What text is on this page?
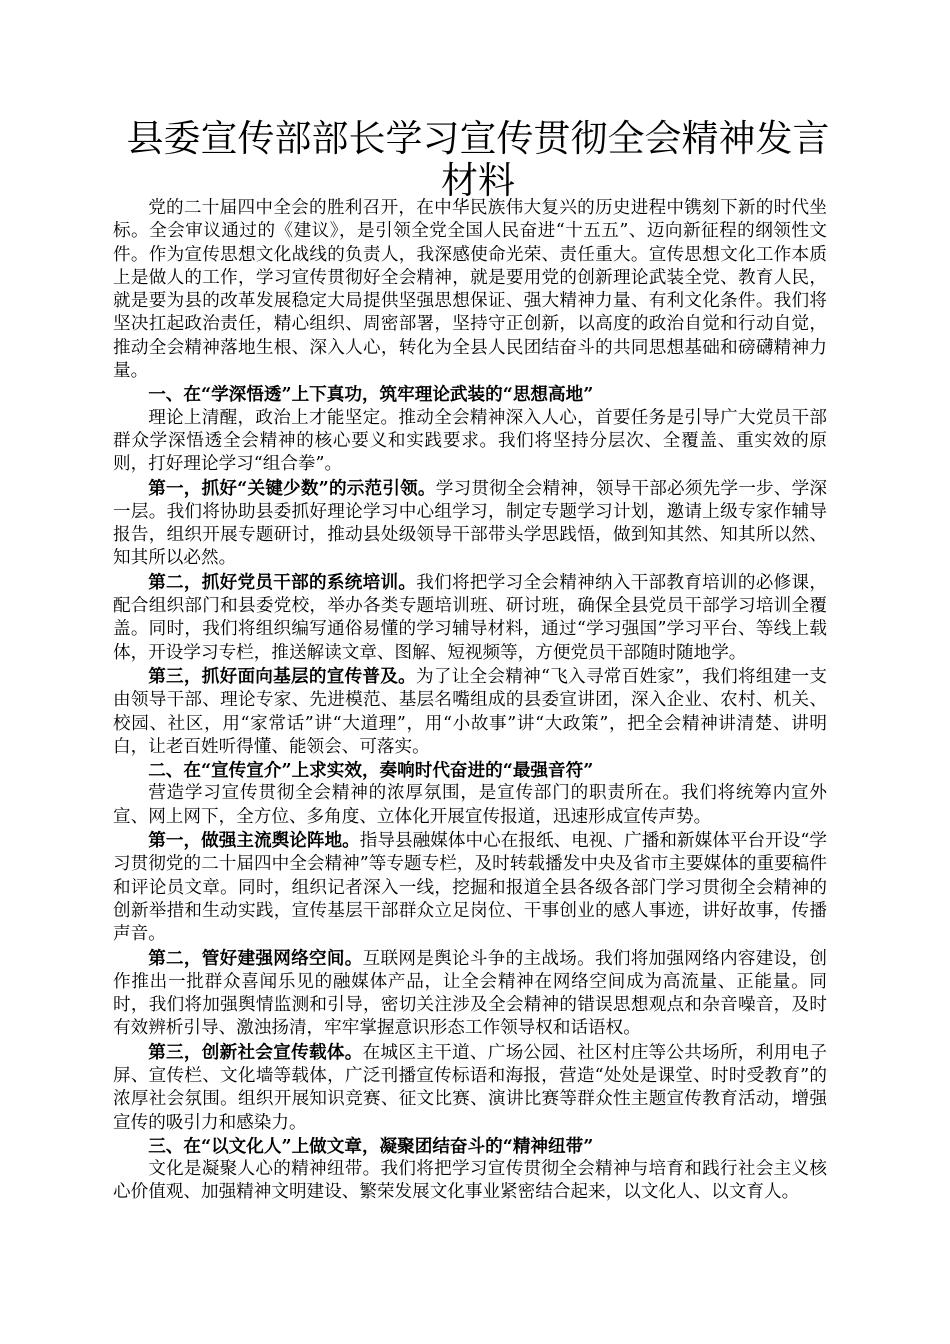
县委宣传部部长学习宣传贯彻全会精神发言材料

党的二十届四中全会的胜利召开，在中华民族伟大复兴的历史进程中镌刻下新的时代坐标。全会审议通过的《建议》，是引领全党全国人民奋进“十五五”、迈向新征程的纲领性文件。作为宣传思想文化战线的负责人，我深感使命光荣、责任重大。宣传思想文化工作本质上是做人的工作，学习宣传贯彻好全会精神，就是要用党的创新理论武装全党、教育人民，就是要为县的改革发展稳定大局提供坚强思想保证、强大精神力量、有利文化条件。我们将坚决扛起政治责任，精心组织、周密部署，坚持守正创新，以高度的政治自觉和行动自觉，推动全会精神落地生根、深入人心，转化为全县人民团结奋斗的共同思想基础和磅礴精神力量。

一、在“学深悟透”上下真功，筑牢理论武装的“思想高地”

理论上清醒，政治上才能坚定。推动全会精神深入人心，首要任务是引导广大党员干部群众学深悟透全会精神的核心要义和实践要求。我们将坚持分层次、全覆盖、重实效的原则，打好理论学习“组合拳”。

第一，抓好“关键少数”的示范引领。学习贯彻全会精神，领导干部必须先学一步、学深一层。我们将协助县委抓好理论学习中心组学习，制定专题学习计划，邀请上级专家作辅导报告，组织开展专题研讨，推动县处级领导干部带头学思践悟，做到知其然、知其所以然、知其所以必然。

第二，抓好党员干部的系统培训。我们将把学习全会精神纳入干部教育培训的必修课，配合组织部门和县委党校，举办各类专题培训班、研讨班，确保全县党员干部学习培训全覆盖。同时，我们将组织编写通俗易懂的学习辅导材料，通过“学习强国”学习平台、等线上载体，开设学习专栏，推送解读文章、图解、短视频等，方便党员干部随时随地学。

第三，抓好面向基层的宣传普及。为了让全会精神“飞入寻常百姓家”，我们将组建一支由领导干部、理论专家、先进模范、基层名嘴组成的县委宣讲团，深入企业、农村、机关、校园、社区，用“家常话”讲“大道理”，用“小故事”讲“大政策”，把全会精神讲清楚、讲明白，让老百姓听得懂、能领会、可落实。

二、在“宣传宣介”上求实效，奏响时代奋进的“最强音符”

营造学习宣传贯彻全会精神的浓厚氛围，是宣传部门的职责所在。我们将统筹内宣外宣、网上网下，全方位、多角度、立体化开展宣传报道，迅速形成宣传声势。

第一，做强主流舆论阵地。指导县融媒体中心在报纸、电视、广播和新媒体平台开设“学习贯彻党的二十届四中全会精神”等专题专栏，及时转载播发中央及省市主要媒体的重要稿件和评论员文章。同时，组织记者深入一线，挖掘和报道全县各级各部门学习贯彻全会精神的创新举措和生动实践，宣传基层干部群众立足岗位、干事创业的感人事迹，讲好故事，传播声音。

第二，管好建强网络空间。互联网是舆论斗争的主战场。我们将加强网络内容建设，创作推出一批群众喜闻乐见的融媒体产品，让全会精神在网络空间成为高流量、正能量。同时，我们将加强舆情监测和引导，密切关注涉及全会精神的错误思想观点和杂音噪音，及时有效辨析引导、激浊扬清，牢牢掌握意识形态工作领导权和话语权。

第三，创新社会宣传载体。在城区主干道、广场公园、社区村庄等公共场所，利用电子屏、宣传栏、文化墙等载体，广泛刊播宣传标语和海报，营造“处处是课堂、时时受教育”的浓厚社会氛围。组织开展知识竞赛、征文比赛、演讲比赛等群众性主题宣传教育活动，增强宣传的吸引力和感染力。

三、在“以文化人”上做文章，凝聚团结奋斗的“精神纽带”

文化是凝聚人心的精神纽带。我们将把学习宣传贯彻全会精神与培育和践行社会主义核心价值观、加强精神文明建设、繁荣发展文化事业紧密结合起来，以文化人、以文育人。
